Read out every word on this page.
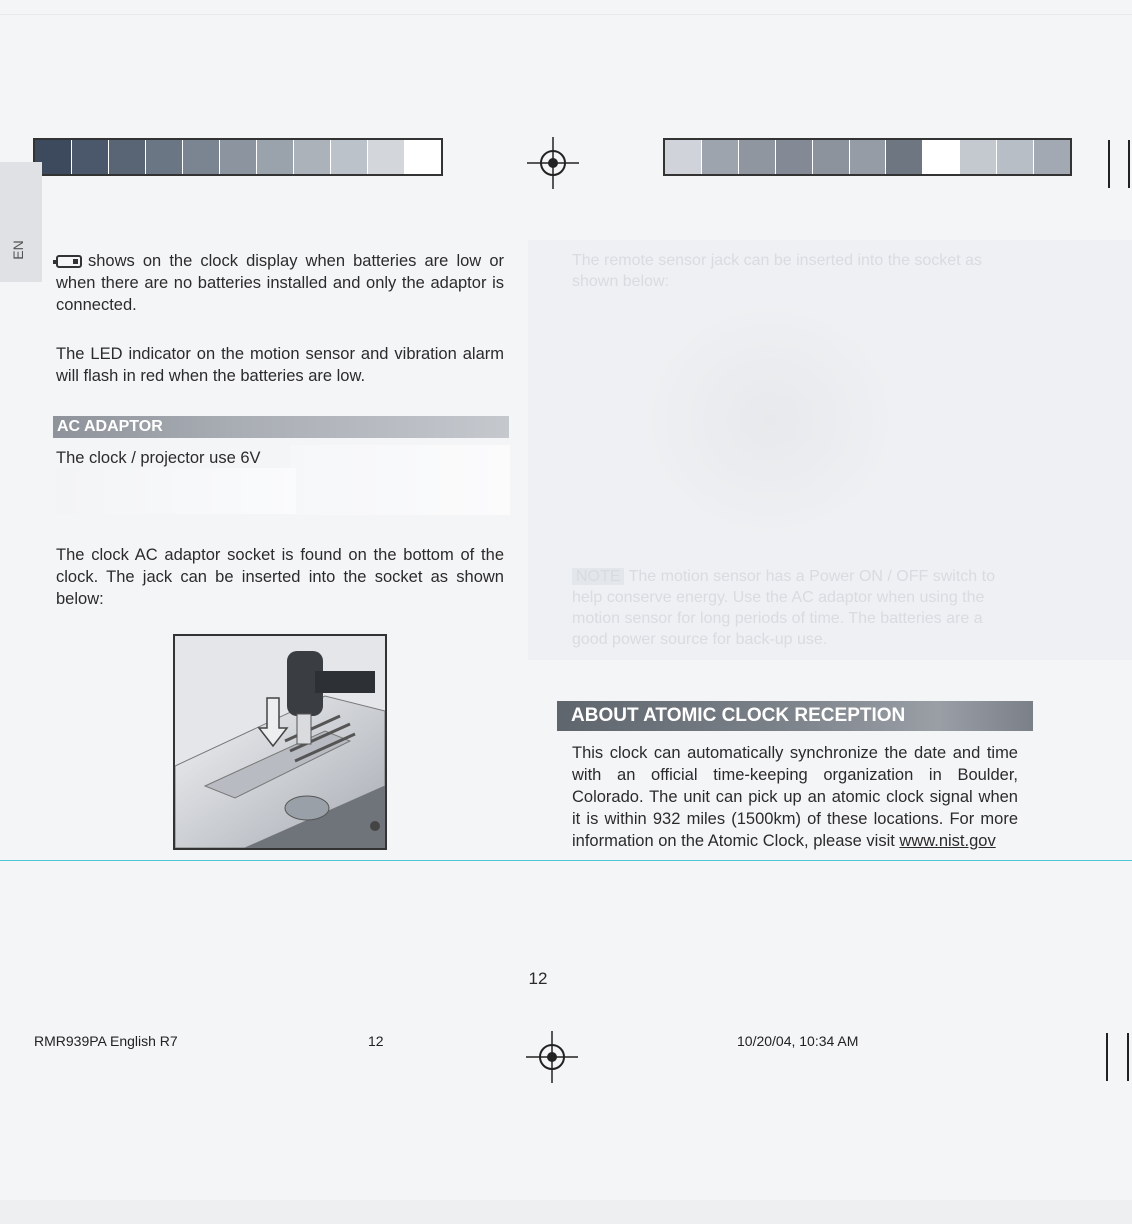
EN
shows on the clock display when batteries are low or when there are no batteries installed and only the adaptor is connected.
The LED indicator on the motion sensor and vibration alarm will flash in red when the batteries are low.
AC ADAPTOR
The clock / projector use 6V
The clock AC adaptor socket is found on the bottom of the clock. The jack can be inserted into the socket as shown below:
The remote sensor jack can be inserted into the socket as shown below:
NOTE The motion sensor has a Power ON / OFF switch to help conserve energy. Use the AC adaptor when using the motion sensor for long periods of time. The batteries are a good power source for back-up use.
ABOUT ATOMIC CLOCK RECEPTION
This clock can automatically synchronize the date and time with an official time-keeping organization in Boulder, Colorado. The unit can pick up an atomic clock signal when it is within 932 miles (1500km) of these locations. For more information on the Atomic Clock, please visit www.nist.gov
12
RMR939PA English R7	12	10/20/04, 10:34 AM
